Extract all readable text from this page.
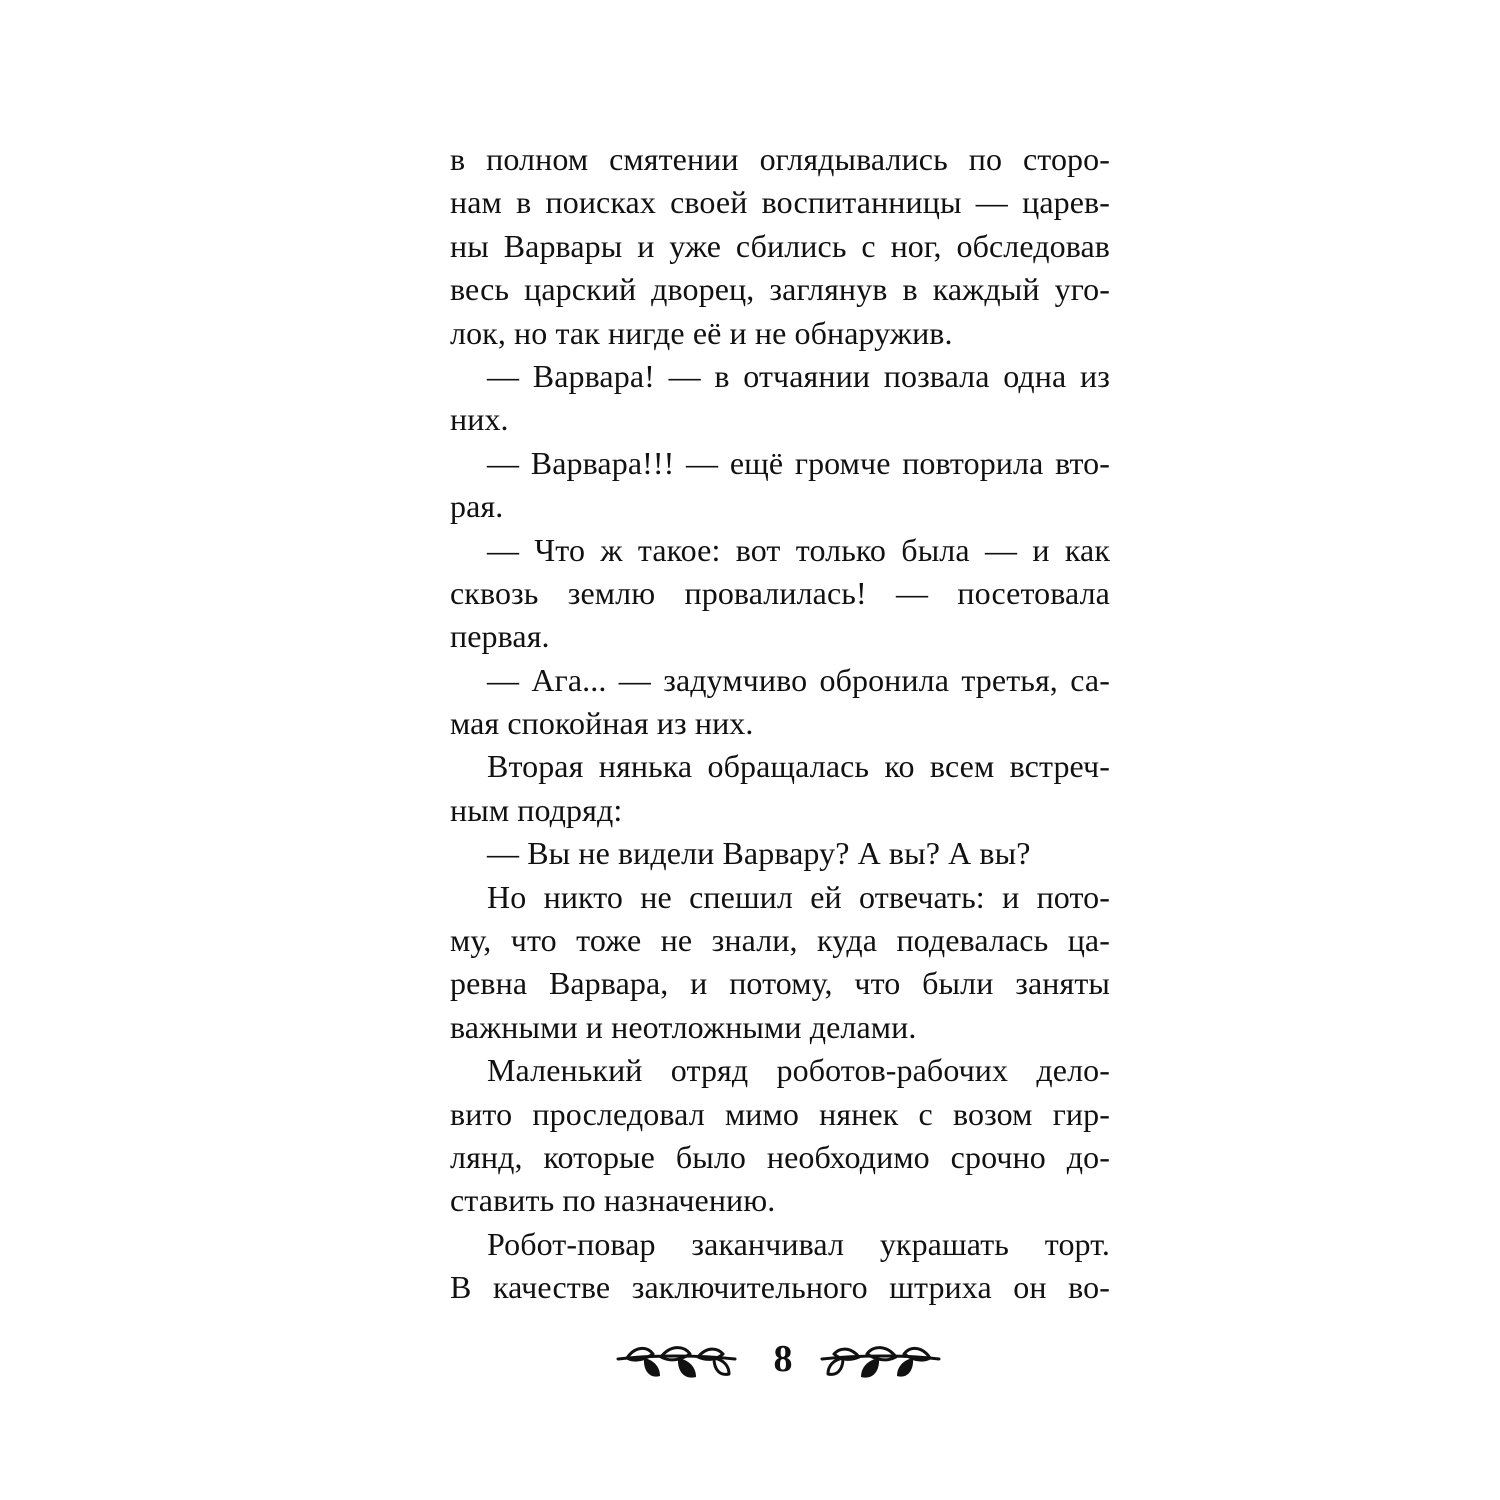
в полном смятении оглядывались по сторо-
нам в поисках своей воспитанницы — царев-
ны Варвары и уже сбились с ног, обследовав
весь царский дворец, заглянув в каждый уго-
лок, но так нигде её и не обнаружив.
— Варвара! — в отчаянии позвала одна из
них.
— Варвара!!! — ещё громче повторила вто-
рая.
— Что ж такое: вот только была — и как
сквозь землю провалилась! — посетовала
первая.
— Ага... — задумчиво обронила третья, са-
мая спокойная из них.
Вторая нянька обращалась ко всем встреч-
ным подряд:
— Вы не видели Варвару? А вы? А вы?
Но никто не спешил ей отвечать: и пото-
му, что тоже не знали, куда подевалась ца-
ревна Варвара, и потому, что были заняты
важными и неотложными делами.
Маленький отряд роботов-рабочих дело-
вито проследовал мимо нянек с возом гир-
лянд, которые было необходимо срочно до-
ставить по назначению.
Робот-повар заканчивал украшать торт.
В качестве заключительного штриха он во-
8
